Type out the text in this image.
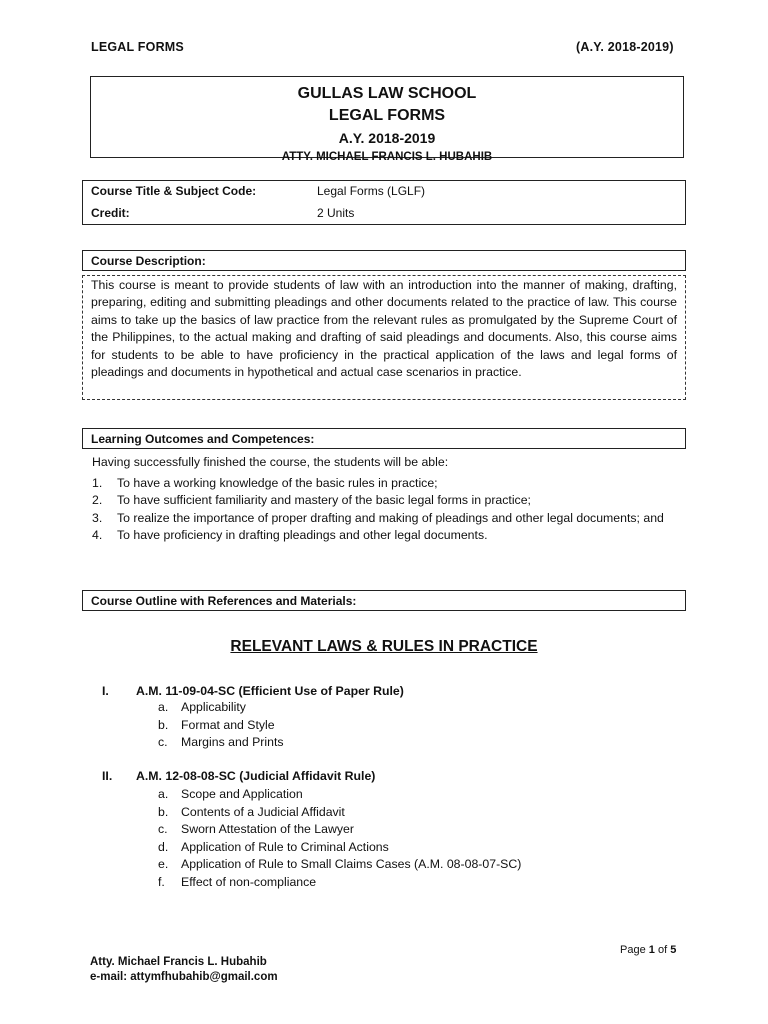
LEGAL FORMS	(A.Y. 2018-2019)
GULLAS LAW SCHOOL
LEGAL FORMS
A.Y. 2018-2019
ATTY. MICHAEL FRANCIS L. HUBAHIB
Course Title & Subject Code:	Legal Forms (LGLF)
Credit:	2 Units
Course Description:
This course is meant to provide students of law with an introduction into the manner of making, drafting, preparing, editing and submitting pleadings and other documents related to the practice of law. This course aims to take up the basics of law practice from the relevant rules as promulgated by the Supreme Court of the Philippines, to the actual making and drafting of said pleadings and documents. Also, this course aims for students to be able to have proficiency in the practical application of the laws and legal forms of pleadings and documents in hypothetical and actual case scenarios in practice.
Learning Outcomes and Competences:
Having successfully finished the course, the students will be able:
1. To have a working knowledge of the basic rules in practice;
2. To have sufficient familiarity and mastery of the basic legal forms in practice;
3. To realize the importance of proper drafting and making of pleadings and other legal documents; and
4. To have proficiency in drafting pleadings and other legal documents.
Course Outline with References and Materials:
RELEVANT LAWS & RULES IN PRACTICE
I. A.M. 11-09-04-SC (Efficient Use of Paper Rule)
a. Applicability
b. Format and Style
c. Margins and Prints
II. A.M. 12-08-08-SC (Judicial Affidavit Rule)
a. Scope and Application
b. Contents of a Judicial Affidavit
c. Sworn Attestation of the Lawyer
d. Application of Rule to Criminal Actions
e. Application of Rule to Small Claims Cases (A.M. 08-08-07-SC)
f. Effect of non-compliance
Page 1 of 5
Atty. Michael Francis L. Hubahib
e-mail: attymfhubahib@gmail.com
